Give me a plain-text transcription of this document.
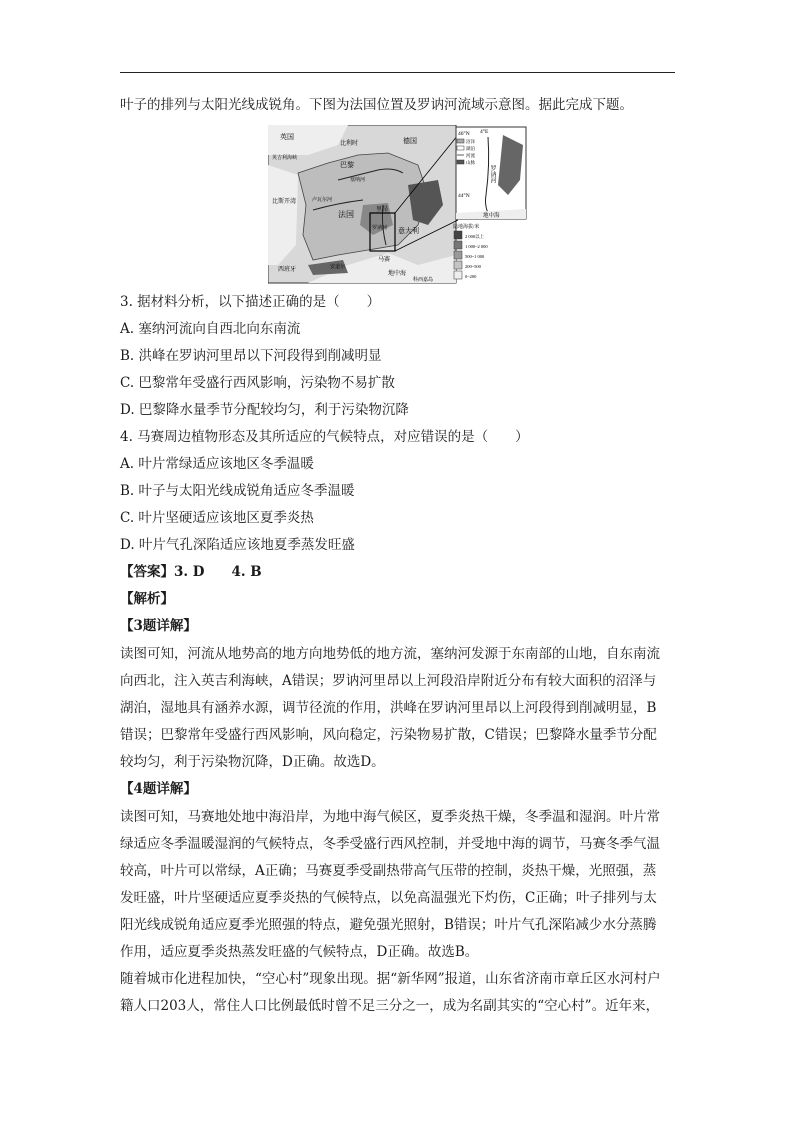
叶子的排列与太阳光线成锐角。下图为法国位置及罗讷河流域示意图。据此完成下题。
英国
英吉利海峡
比利时	德国
巴黎
塞纳河
卢瓦尔河
法国
比斯开湾
里昂
意大利
罗讷河
马赛
西班牙	安道尔
地中海
科西嘉岛
46°N
44°N
4°E
罗讷河
地中海
沼泽
湖泊
河流
山脉
陆地海拔/米
2 000以上
1 000~2 000
500~1 000
200~500
0~200
3. 据材料分析，以下描述正确的是（　　）
A. 塞纳河流向自西北向东南流
B. 洪峰在罗讷河里昂以下河段得到削减明显
C. 巴黎常年受盛行西风影响，污染物不易扩散
D. 巴黎降水量季节分配较均匀，利于污染物沉降
4. 马赛周边植物形态及其所适应的气候特点，对应错误的是（　　）
A. 叶片常绿适应该地区冬季温暖
B. 叶子与太阳光线成锐角适应冬季温暖
C. 叶片坚硬适应该地区夏季炎热
D. 叶片气孔深陷适应该地夏季蒸发旺盛
【答案】3. D　　4. B
【解析】
【3题详解】
读图可知，河流从地势高的地方向地势低的地方流，塞纳河发源于东南部的山地，自东南流
向西北，注入英吉利海峡，A错误；罗讷河里昂以上河段沿岸附近分布有较大面积的沼泽与
湖泊，湿地具有涵养水源，调节径流的作用，洪峰在罗讷河里昂以上河段得到削减明显，B
错误；巴黎常年受盛行西风影响，风向稳定，污染物易扩散，C错误；巴黎降水量季节分配
较均匀，利于污染物沉降，D正确。故选D。
【4题详解】
读图可知，马赛地处地中海沿岸，为地中海气候区，夏季炎热干燥，冬季温和湿润。叶片常
绿适应冬季温暖湿润的气候特点，冬季受盛行西风控制，并受地中海的调节，马赛冬季气温
较高，叶片可以常绿，A正确；马赛夏季受副热带高气压带的控制，炎热干燥，光照强，蒸
发旺盛，叶片坚硬适应夏季炎热的气候特点，以免高温强光下灼伤，C正确；叶子排列与太
阳光线成锐角适应夏季光照强的特点，避免强光照射，B错误；叶片气孔深陷减少水分蒸腾
作用，适应夏季炎热蒸发旺盛的气候特点，D正确。故选B。
随着城市化进程加快，“空心村”现象出现。据“新华网”报道，山东省济南市章丘区水河村户
籍人口203人，常住人口比例最低时曾不足三分之一，成为名副其实的“空心村”。近年来，
